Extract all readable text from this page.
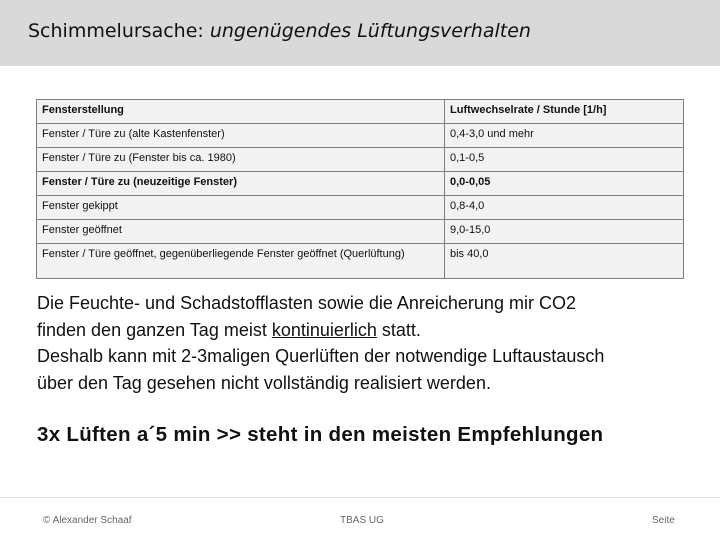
Schimmelursache: ungenügendes Lüftungsverhalten
Fensterstellung	Luftwechselrate / Stunde [1/h]
Fenster / Türe zu (alte Kastenfenster)	0,4-3,0 und mehr
Fenster / Türe zu (Fenster bis ca. 1980)	0,1-0,5
Fenster / Türe zu (neuzeitige Fenster)	0,0-0,05
Fenster gekippt	0,8-4,0
Fenster geöffnet	9,0-15,0
Fenster / Türe geöffnet, gegenüberliegende Fenster geöffnet (Querlüftung)	bis 40,0
Die Feuchte- und Schadstofflasten sowie die Anreicherung mir CO2
finden den ganzen Tag meist kontinuierlich statt.
Deshalb kann mit 2-3maligen Querlüften der notwendige Luftaustausch
über den Tag gesehen nicht vollständig realisiert werden.
3x Lüften a´5 min >> steht in den meisten Empfehlungen
© Alexander Schaaf	TBAS UG	Seite
